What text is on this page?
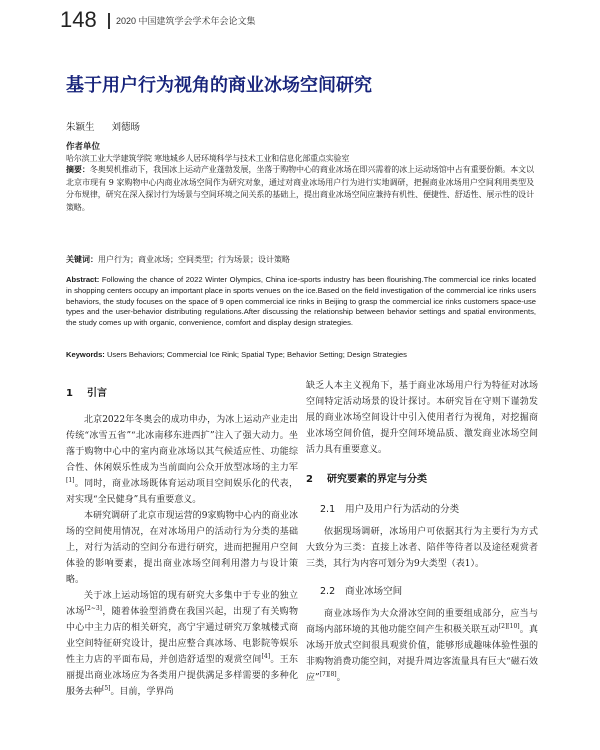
148 2020 中国建筑学会学术年会论文集
基于用户行为视角的商业冰场空间研究
朱颖生 刘德旸
作者单位
哈尔滨工业大学建筑学院 寒地城乡人居环境科学与技术工业和信息化部重点实验室

摘要：冬奥契机推动下，我国冰上运动产业蓬勃发展，坐落于购物中心的商业冰场在即兴需着的冰上运动场馆中占有重要份额。本文以北京市现有 9 家购物中心内商业冰场空间作为研究对象，通过对商业冰场用户行为进行实地调研，把握商业冰场用户空间利用类型及分布规律，研究在深入探讨行为场景与空间环境之间关系的基础上，提出商业冰场空间应兼持有机性、便捷性、舒适性、展示性的设计策略。

关键词：用户行为；商业冰场；空间类型；行为场景；设计策略

Abstract: Following the chance of 2022 Winter Olympics, China ice-sports industry has been flourishing.The commercial ice rinks located in shopping centers occupy an important place in sports venues on the ice.Based on the field investigation of the commercial ice rinks users behaviors, the study focuses on the space of 9 open commercial ice rinks in Beijing to grasp the commercial ice rinks customers space-use types and the user-behavior distributing regulations.After discussing the relationship between behavior settings and spatial environments, the study comes up with organic, convenience, comfort and display design strategies.

Keywords: Users Behaviors; Commercial Ice Rink; Spatial Type; Behavior Setting; Design Strategies

1 引言

北京2022年冬奥会的成功申办，为冰上运动产业走出传统“冰雪五省”“北冰南移东进西扩”注入了强大动力。坐落于购物中心中的室内商业冰场以其气候适应性、功能综合性、休闲娱乐性成为当前面向公众开放型冰场的主力军[1]。同时，商业冰场既体育运动项目空间娱乐化的代表，对实现“全民健身”具有重要意义。

本研究调研了北京市现运营的9家购物中心内的商业冰场的空间使用情况，在对冰场用户的活动行为分类的基础上，对行为活动的空间分布进行研究，进而把握用户空间体验的影响要素，提出商业冰场空间利用潜力与设计策略。

关于冰上运动场馆的现有研究大多集中于专业的独立冰场[2~3]，随着体验型消费在我国兴起，出现了有关购物中心中主力店的相关研究，高宁宇通过研究万象城楼式商业空间特征研究设计，提出应整合真冰场、电影院等娱乐性主力店的平面布局，并创造舒适型的观赏空间[4]。王东丽提出商业冰场应为各类用户提供满足多样需要的多种化服务去种[5]。目前，学界尚

缺乏人本主义视角下，基于商业冰场用户行为特征对冰场空间特定活动场景的设计探讨。本研究旨在守则下谨勃发展的商业冰场空间设计中引入使用者行为视角，对挖掘商业冰场空间价值，提升空间环境品质、激发商业冰场空间活力具有重要意义。

2 研究要素的界定与分类
2.1 用户及用户行为活动的分类

依据现场调研，冰场用户可依据其行为主要行为方式大致分为三类：直接上冰者、陪伴等待者以及途径观赏者三类，其行为内容可划分为9大类型（表1）。

2.2 商业冰场空间

商业冰场作为大众滑冰空间的重要组成部分，应当与商场内部环境的其他功能空间产生积极关联互动[2][10]。真冰场开放式空间很具观赏价值，能够形成趣味体验性强的非购物消费功能空间，对提升周边客流量具有巨大“磁石效应”[7][8]。
